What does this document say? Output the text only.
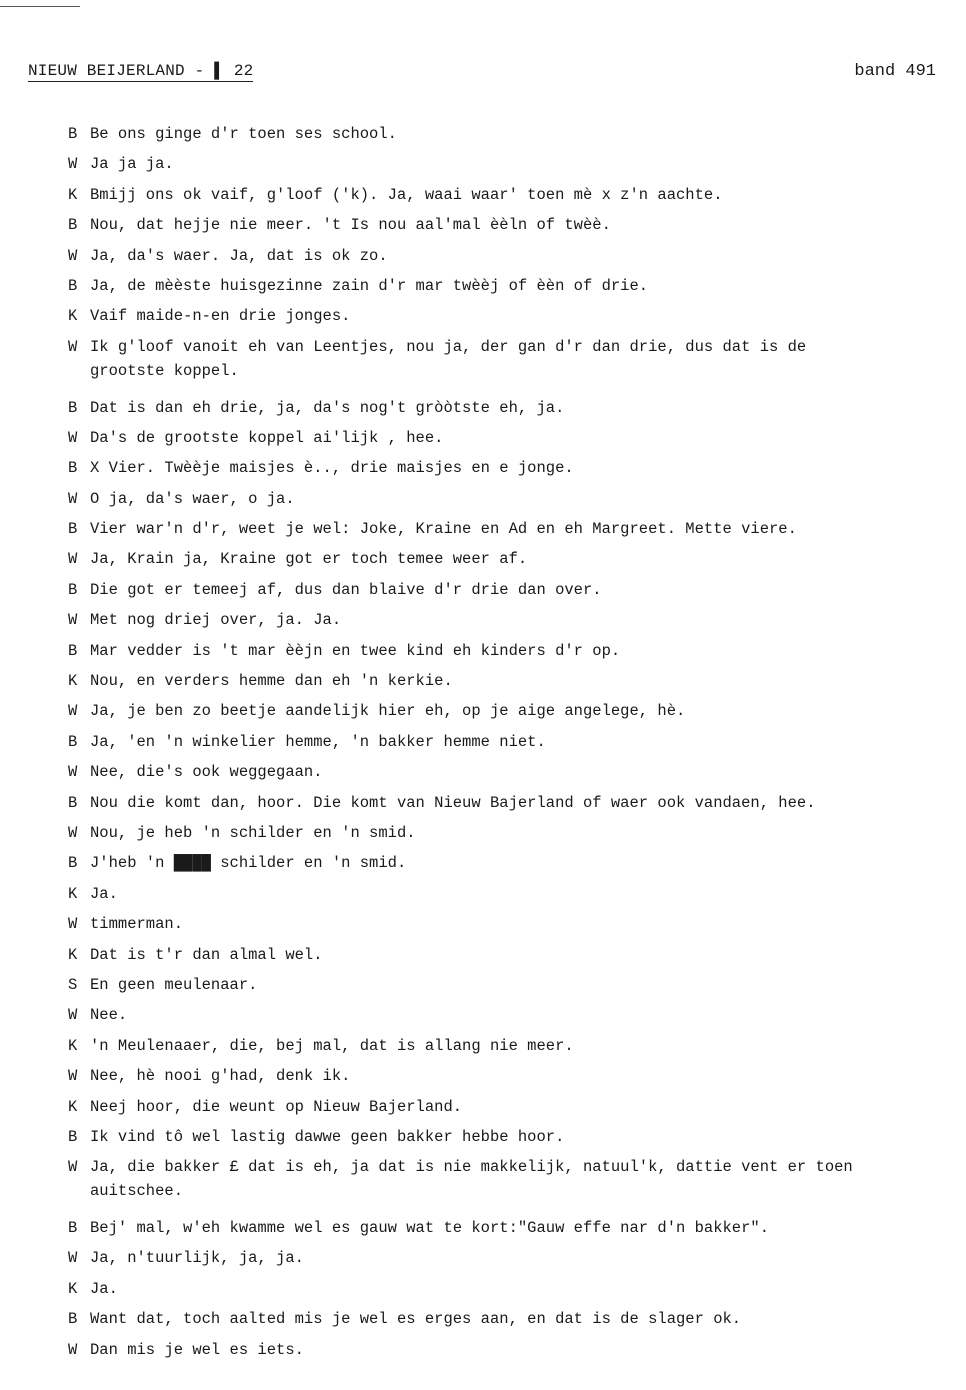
NIEUW BEIJERLAND - ▌ 22	band 491
B Be ons ginge d'r toen ses school.
W Ja ja ja.
K Bmijj ons ok vaif, g'loof ('k). Ja, waai waar' toen mè x z'n aachte.
B Nou, dat hejje nie meer. 't Is nou aal'mal èèln of twèè.
W Ja, da's waer. Ja, dat is ok zo.
B Ja, de mèèste huisgezinne zain d'r mar twèèj of èèn of drie.
K Vaif maide-n-en drie jonges.
W Ik g'loof vanoit eh van Leentjes, nou ja, der gan d'r dan drie, dus dat is de
grootste koppel.
B Dat is dan eh drie, ja, da's nog't gròòtste eh, ja.
W Da's de grootste koppel ai'lijk , hee.
B X Vier. Twèèje maisjes è.., drie maisjes en e jonge.
W O ja, da's waer, o ja.
B Vier war'n d'r, weet je wel: Joke, Kraine en Ad en eh Margreet. Mette viere.
W Ja, Krain ja, Kraine got er toch temee weer af.
B Die got er temeej af, dus dan blaive d'r drie dan over.
W Met nog driej over, ja. Ja.
B Mar vedder is 't mar èèjn en twee kind eh kinders d'r op.
K Nou, en verders hemme dan eh 'n kerkie.
W Ja, je ben zo beetje aandelijk hier eh, op je aige angelege, hè.
B Ja, 'en 'n winkelier hemme, 'n bakker hemme niet.
W Nee, die's ook weggegaan.
B Nou die komt dan, hoor. Die komt van Nieuw Bajerland of waer ook vandaen, hee.
W Nou, je heb 'n schilder en 'n smid.
B J'heb 'n ████ schilder en 'n smid.
K Ja.
W timmerman.
K Dat is t'r dan almal wel.
S En geen meulenaar.
W Nee.
K 'n Meulenaaer, die, bej mal, dat is allang nie meer.
W Nee, hè nooi g'had, denk ik.
K Neej hoor, die weunt op Nieuw Bajerland.
B Ik vind tô wel lastig dawwe geen bakker hebbe hoor.
W Ja, die bakker £ dat is eh, ja dat is nie makkelijk, natuul'k, dattie vent er toen
auitschee.
B Bej' mal, w'eh kwamme wel es gauw wat te kort:"Gauw effe nar d'n bakker".
W Ja, n'tuurlijk, ja, ja.
K Ja.
B Want dat, toch aalted mis je wel es erges aan, en dat is de slager ok.
W Dan mis je wel es iets.
